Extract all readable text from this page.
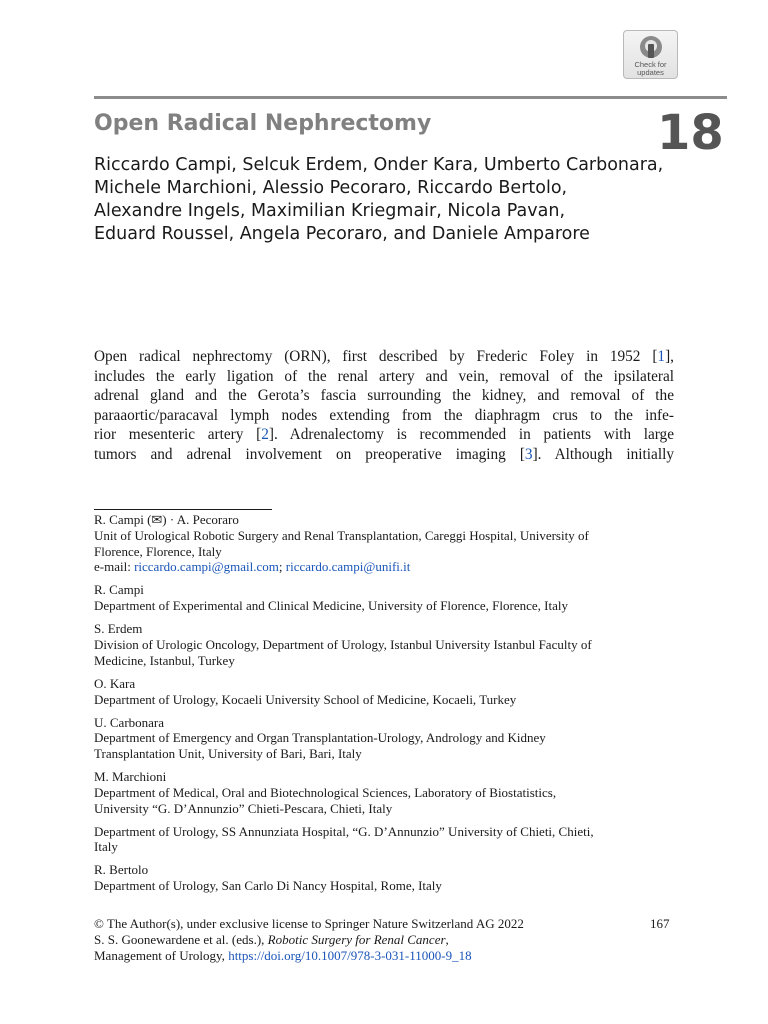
Check for
updates
Open Radical Nephrectomy	18
Riccardo Campi, Selcuk Erdem, Onder Kara, Umberto Carbonara,
Michele Marchioni, Alessio Pecoraro, Riccardo Bertolo,
Alexandre Ingels, Maximilian Kriegmair, Nicola Pavan,
Eduard Roussel, Angela Pecoraro, and Daniele Amparore
Open radical nephrectomy (ORN), first described by Frederic Foley in 1952 [1],
includes the early ligation of the renal artery and vein, removal of the ipsilateral
adrenal gland and the Gerota’s fascia surrounding the kidney, and removal of the
paraaortic/paracaval lymph nodes extending from the diaphragm crus to the infe-
rior mesenteric artery [2]. Adrenalectomy is recommended in patients with large
tumors and adrenal involvement on preoperative imaging [3]. Although initially
R. Campi (✉) · A. Pecoraro
Unit of Urological Robotic Surgery and Renal Transplantation, Careggi Hospital, University of
Florence, Florence, Italy
e-mail: riccardo.campi@gmail.com; riccardo.campi@unifi.it
R. Campi
Department of Experimental and Clinical Medicine, University of Florence, Florence, Italy
S. Erdem
Division of Urologic Oncology, Department of Urology, Istanbul University Istanbul Faculty of
Medicine, Istanbul, Turkey
O. Kara
Department of Urology, Kocaeli University School of Medicine, Kocaeli, Turkey
U. Carbonara
Department of Emergency and Organ Transplantation-Urology, Andrology and Kidney
Transplantation Unit, University of Bari, Bari, Italy
M. Marchioni
Department of Medical, Oral and Biotechnological Sciences, Laboratory of Biostatistics,
University “G. D’Annunzio” Chieti-Pescara, Chieti, Italy
Department of Urology, SS Annunziata Hospital, “G. D’Annunzio” University of Chieti, Chieti,
Italy
R. Bertolo
Department of Urology, San Carlo Di Nancy Hospital, Rome, Italy
© The Author(s), under exclusive license to Springer Nature Switzerland AG 2022
S. S. Goonewardene et al. (eds.), Robotic Surgery for Renal Cancer,
Management of Urology, https://doi.org/10.1007/978-3-031-11000-9_18
167
